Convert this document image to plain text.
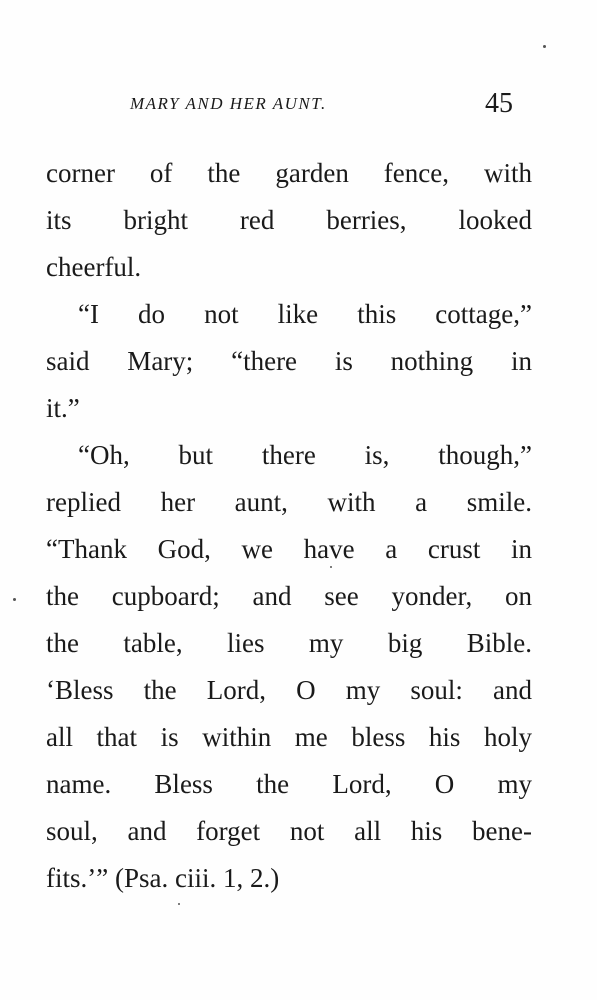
MARY AND HER AUNT.	45
corner of the garden fence, with
its bright red berries, looked
cheerful.
“I do not like this cottage,”
said Mary; “there is nothing in
it.”
“Oh, but there is, though,”
replied her aunt, with a smile.
“Thank God, we have a crust in
the cupboard; and see yonder, on
the table, lies my big Bible.
‘Bless the Lord, O my soul: and
all that is within me bless his holy
name. Bless the Lord, O my
soul, and forget not all his bene-
fits.’” (Psa. ciii. 1, 2.)
